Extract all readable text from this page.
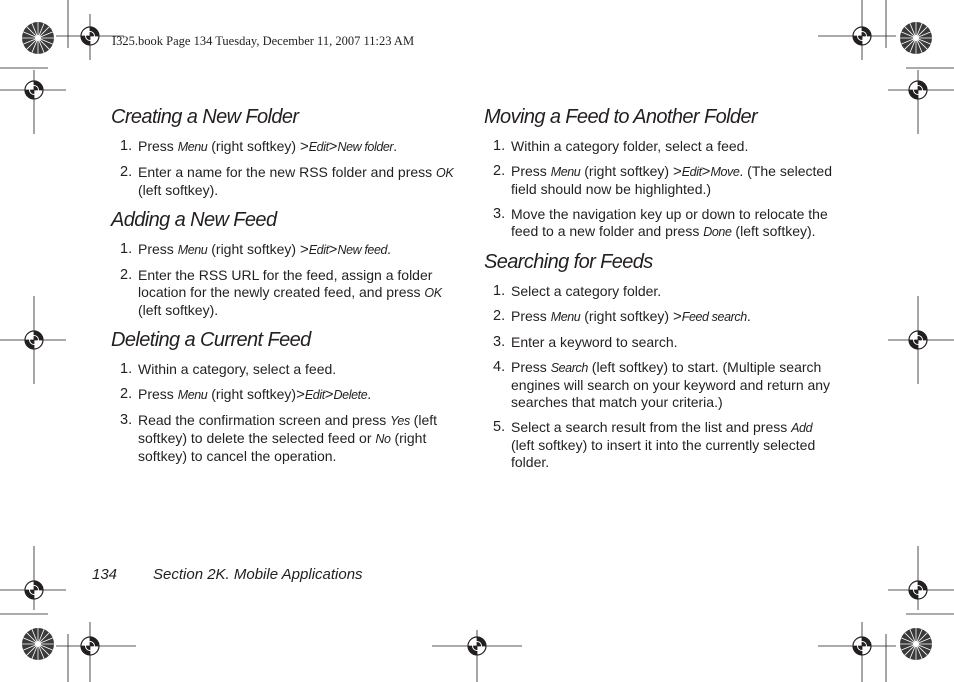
I325.book Page 134 Tuesday, December 11, 2007 11:23 AM
Creating a New Folder
1. Press Menu (right softkey) >Edit>New folder.
2. Enter a name for the new RSS folder and press OK (left softkey).
Adding a New Feed
1. Press Menu (right softkey) >Edit>New feed.
2. Enter the RSS URL for the feed, assign a folder location for the newly created feed, and press OK (left softkey).
Deleting a Current Feed
1. Within a category, select a feed.
2. Press Menu (right softkey)>Edit>Delete.
3. Read the confirmation screen and press Yes (left softkey) to delete the selected feed or No (right softkey) to cancel the operation.
Moving a Feed to Another Folder
1. Within a category folder, select a feed.
2. Press Menu (right softkey) >Edit>Move. (The selected field should now be highlighted.)
3. Move the navigation key up or down to relocate the feed to a new folder and press Done (left softkey).
Searching for Feeds
1. Select a category folder.
2. Press Menu (right softkey) >Feed search.
3. Enter a keyword to search.
4. Press Search (left softkey) to start. (Multiple search engines will search on your keyword and return any searches that match your criteria.)
5. Select a search result from the list and press Add (left softkey) to insert it into the currently selected folder.
134 Section 2K. Mobile Applications
